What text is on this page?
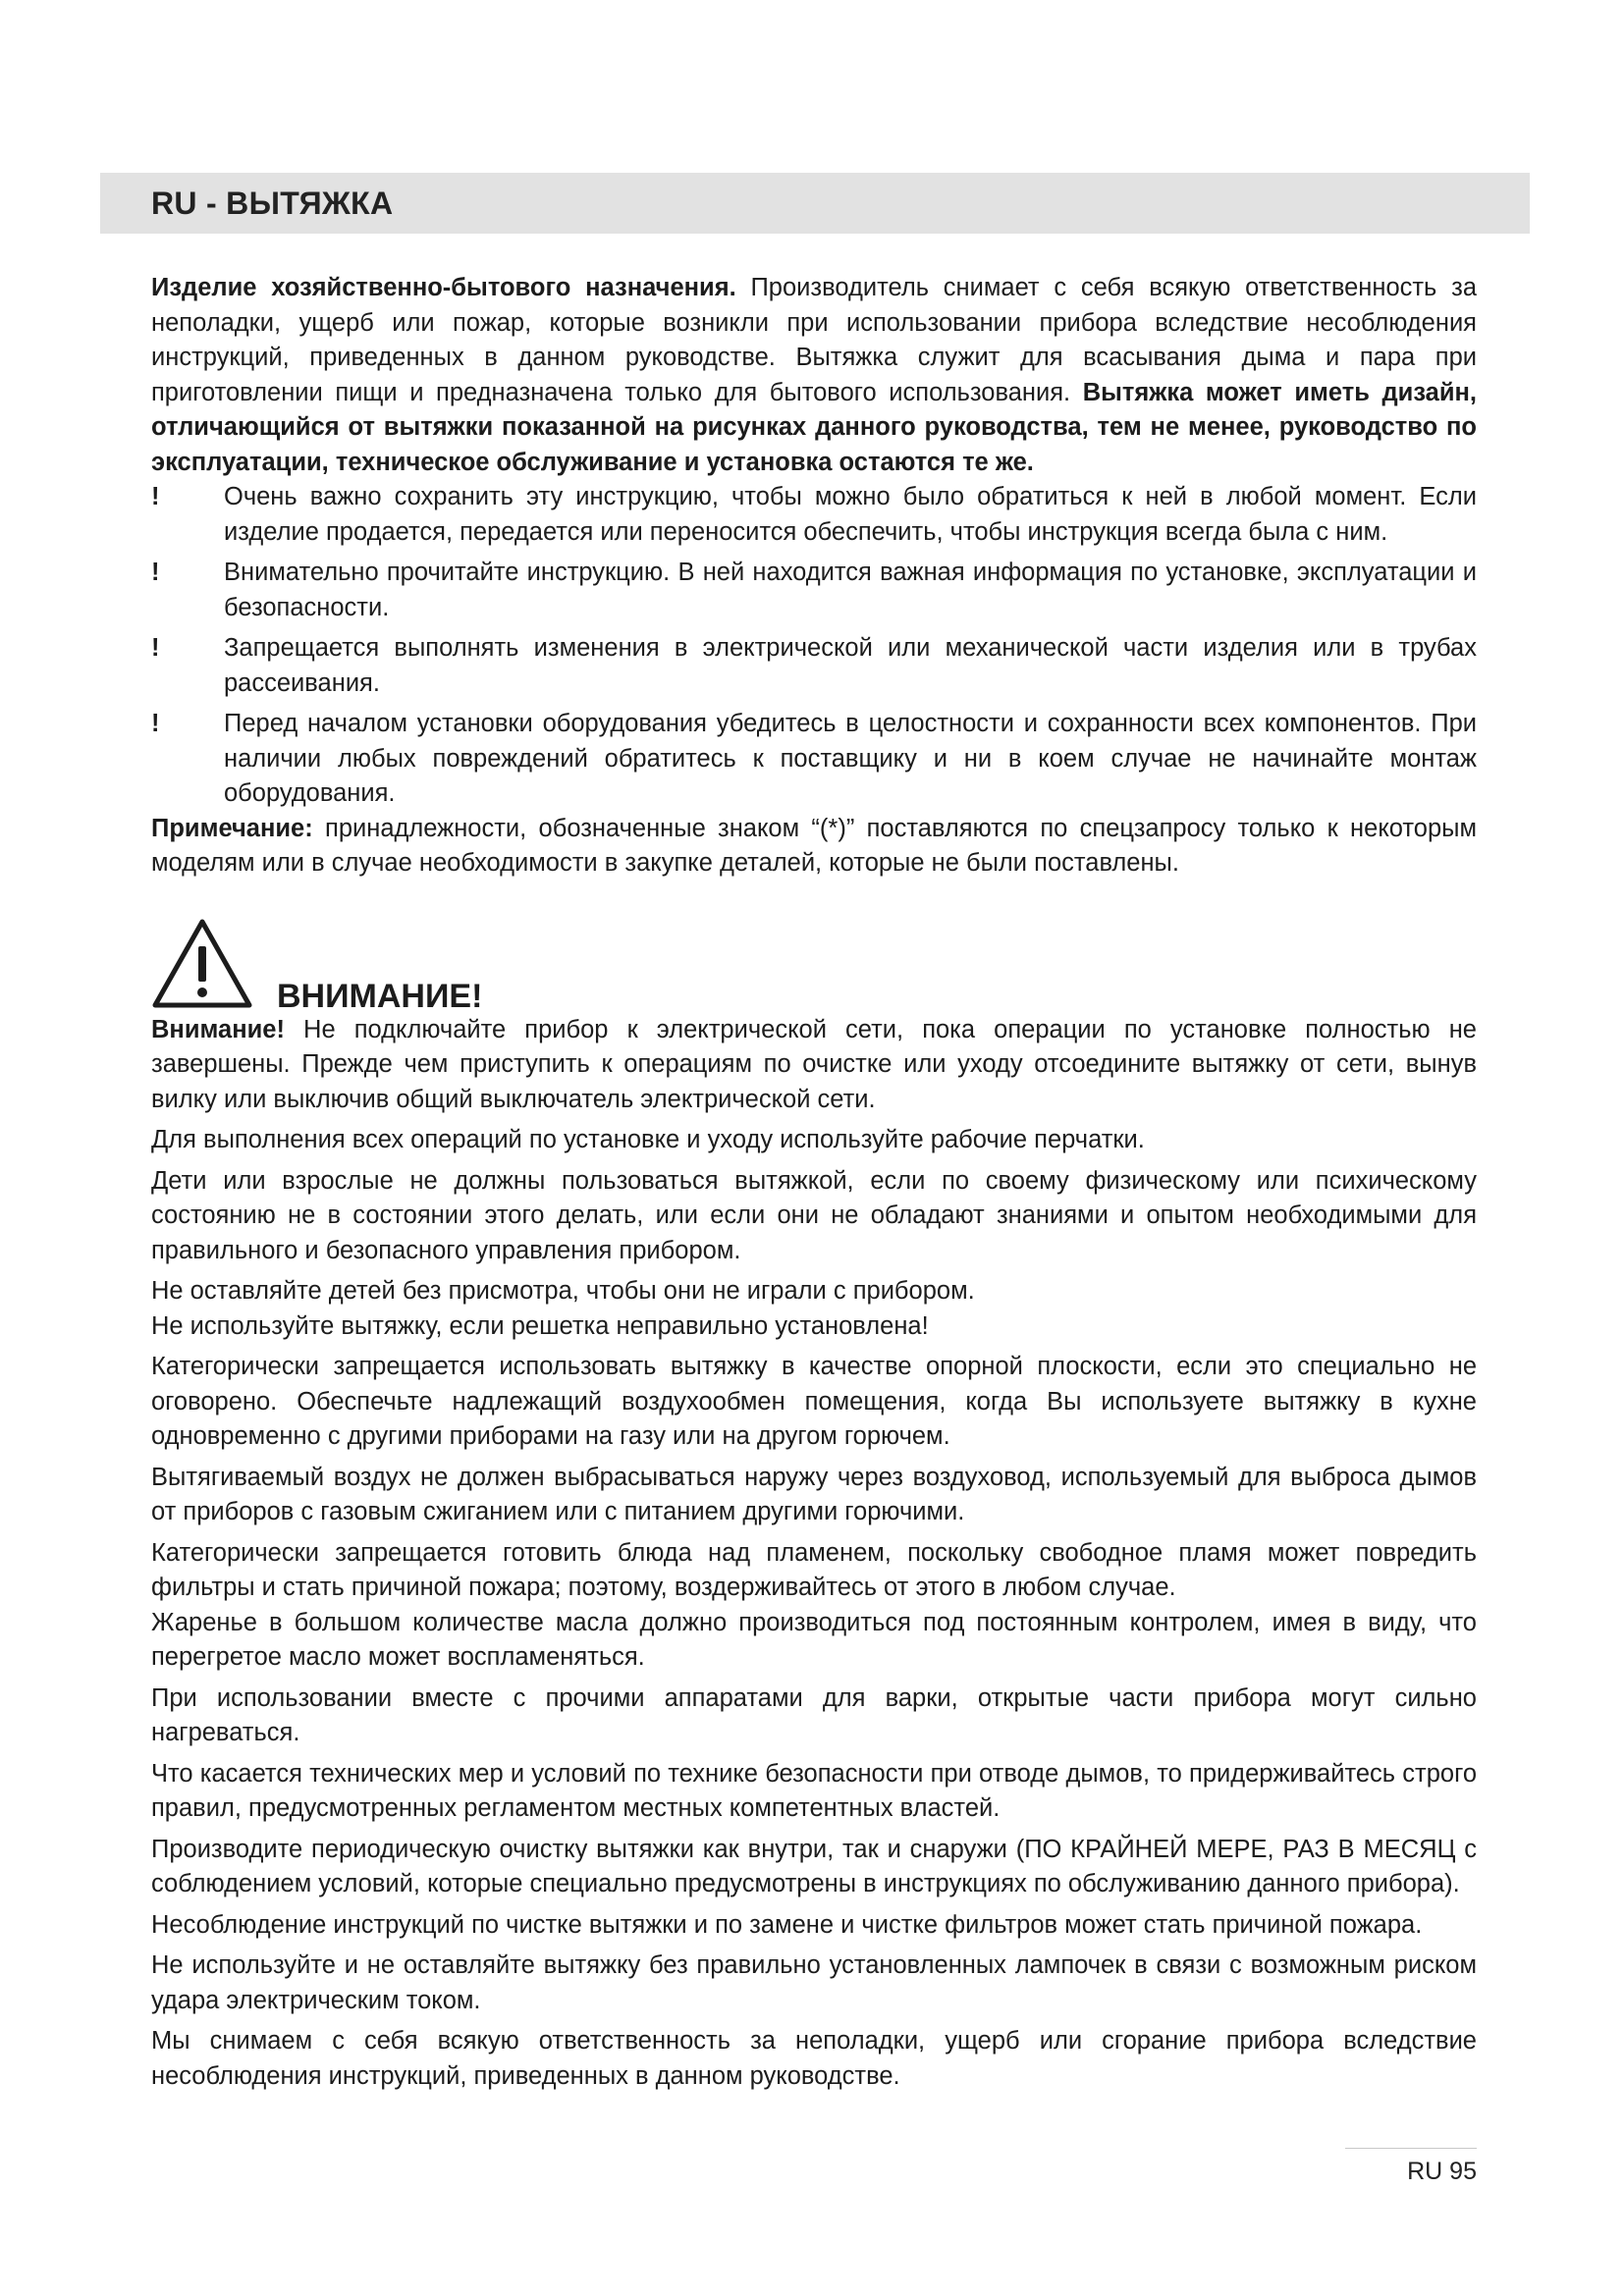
RU - ВЫТЯЖКА

Изделие хозяйственно-бытового назначения. Производитель снимает с себя всякую ответственность за неполадки, ущерб или пожар, которые возникли при использовании прибора вследствие несоблюдения инструкций, приведенных в данном руководстве. Вытяжка служит для всасывания дыма и пара при приготовлении пищи и предназначена только для бытового использования. Вытяжка может иметь дизайн, отличающийся от вытяжки показанной на рисунках данного руководства, тем не менее, руководство по эксплуатации, техническое обслуживание и установка остаются те же.

!	Очень важно сохранить эту инструкцию, чтобы можно было обратиться к ней в любой момент. Если изделие продается, передается или переносится обеспечить, чтобы инструкция всегда была с ним.
!	Внимательно прочитайте инструкцию. В ней находится важная информация по установке, эксплуатации и безопасности.
!	Запрещается выполнять изменения в электрической или механической части изделия или в трубах рассеивания.
!	Перед началом установки оборудования убедитесь в целостности и сохранности всех компонентов. При наличии любых повреждений обратитесь к поставщику и ни в коем случае не начинайте монтаж оборудования.

Примечание: принадлежности, обозначенные знаком “(*)” поставляются по спецзапросу только к некоторым моделям или в случае необходимости в закупке деталей, которые не были поставлены.

ВНИМАНИЕ!

Внимание! Не подключайте прибор к электрической сети, пока операции по установке полностью не завершены. Прежде чем приступить к операциям по очистке или уходу отсоедините вытяжку от сети, вынув вилку или выключив общий выключатель электрической сети.

Для выполнения всех операций по установке и уходу используйте рабочие перчатки.

Дети или взрослые не должны пользоваться вытяжкой, если по своему физическому или психическому состоянию не в состоянии этого делать, или если они не обладают знаниями и опытом необходимыми для правильного и безопасного управления прибором.

Не оставляйте детей без присмотра, чтобы они не играли с прибором.

Не используйте вытяжку, если решетка неправильно установлена!

Категорически запрещается использовать вытяжку в качестве опорной плоскости, если это специально не оговорено. Обеспечьте надлежащий воздухообмен помещения, когда Вы используете вытяжку в кухне одновременно с другими приборами на газу или на другом горючем.

Вытягиваемый воздух не должен выбрасываться наружу через воздуховод, используемый для выброса дымов от приборов с газовым сжиганием или с питанием другими горючими.

Категорически запрещается готовить блюда над пламенем, поскольку свободное пламя может повредить фильтры и стать причиной пожара; поэтому, воздерживайтесь от этого в любом случае.

Жаренье в большом количестве масла должно производиться под постоянным контролем, имея в виду, что перегретое масло может воспламеняться.

При использовании вместе с прочими аппаратами для варки, открытые части прибора могут сильно нагреваться.

Что касается технических мер и условий по технике безопасности при отводе дымов, то придерживайтесь строго правил, предусмотренных регламентом местных компетентных властей.

Производите периодическую очистку вытяжки как внутри, так и снаружи (ПО КРАЙНЕЙ МЕРЕ, РАЗ В МЕСЯЦ с соблюдением условий, которые специально предусмотрены в инструкциях по обслуживанию данного прибора).

Несоблюдение инструкций по чистке вытяжки и по замене и чистке фильтров может стать причиной пожара.

Не используйте и не оставляйте вытяжку без правильно установленных лампочек в связи с возможным риском удара электрическим током.

Мы снимаем с себя всякую ответственность за неполадки, ущерб или сгорание прибора вследствие несоблюдения инструкций, приведенных в данном руководстве.

RU 95
